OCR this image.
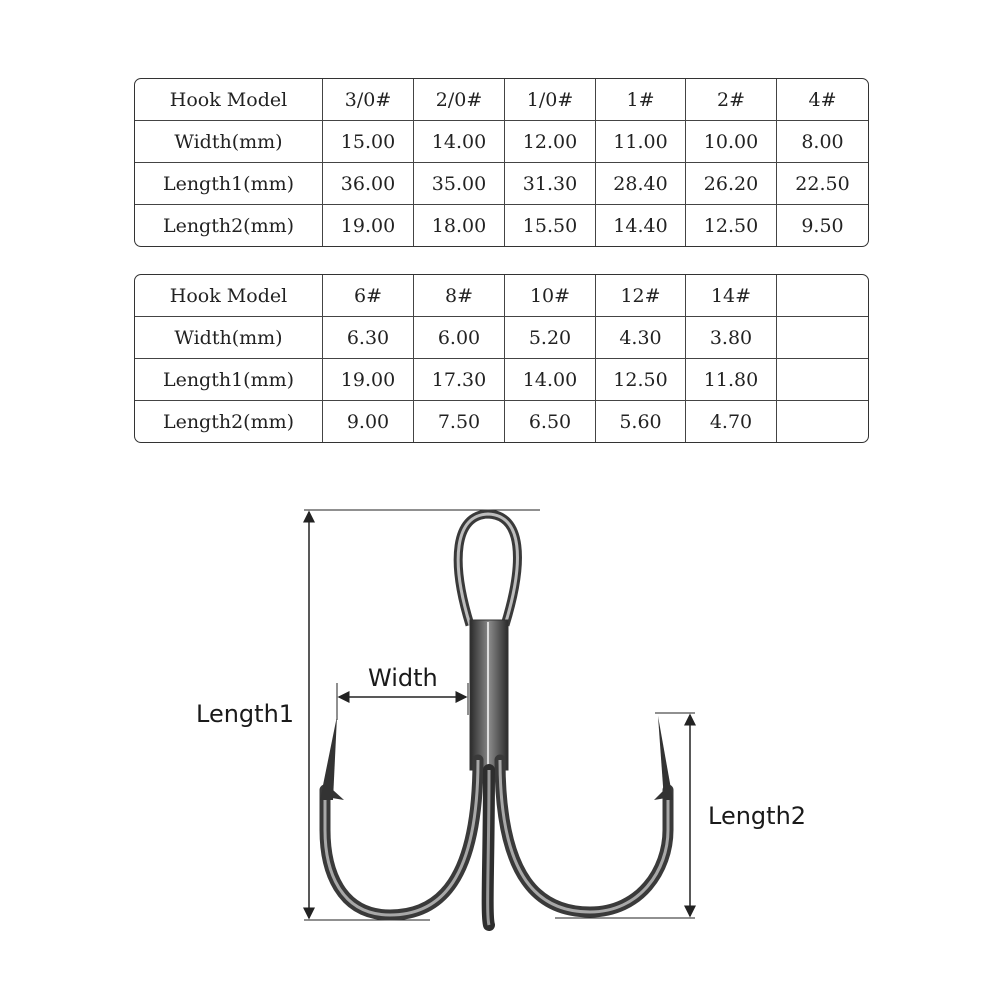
Hook Model	3/0#	2/0#	1/0#	1#	2#	4#
Width(mm)	15.00	14.00	12.00	11.00	10.00	8.00
Length1(mm)	36.00	35.00	31.30	28.40	26.20	22.50
Length2(mm)	19.00	18.00	15.50	14.40	12.50	9.50
Hook Model	6#	8#	10#	12#	14#	
Width(mm)	6.30	6.00	5.20	4.30	3.80	
Length1(mm)	19.00	17.30	14.00	12.50	11.80	
Length2(mm)	9.00	7.50	6.50	5.60	4.70	
Length1
Width
Length2
